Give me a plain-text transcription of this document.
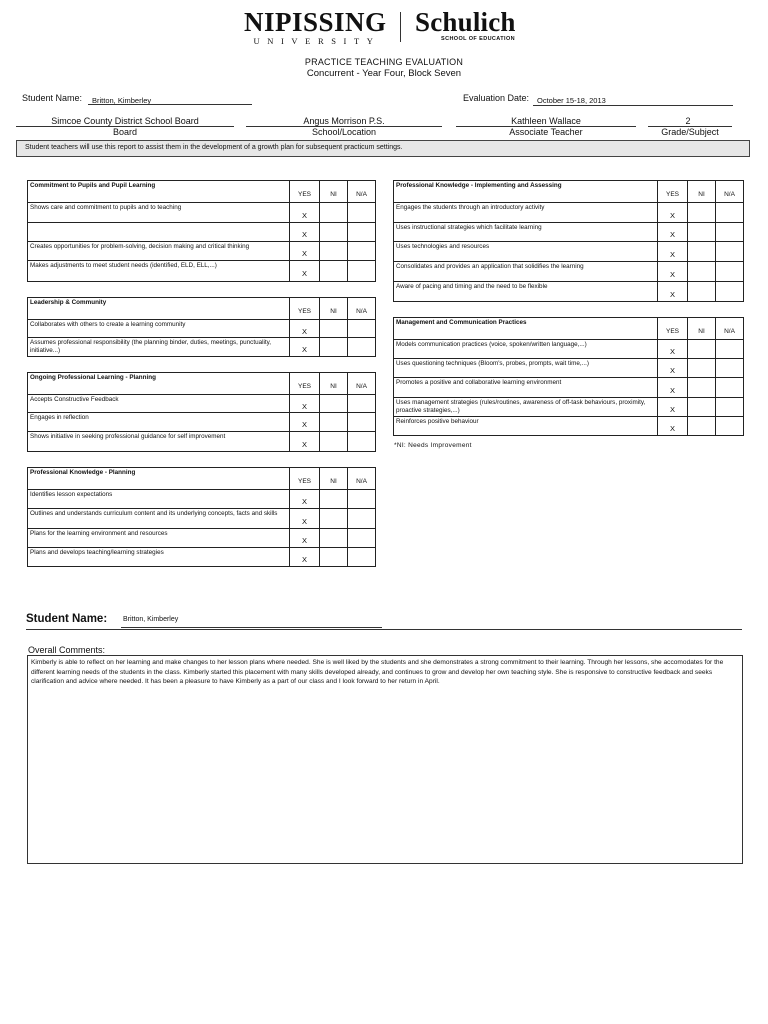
NIPISSING
UNIVERSITY
Schulich
SCHOOL OF EDUCATION
PRACTICE TEACHING EVALUATION
Concurrent - Year Four, Block Seven
Student Name: Britton, Kimberley	Evaluation Date: October 15-18, 2013
Simcoe County District School Board
Board
Angus Morrison P.S.
School/Location
Kathleen Wallace
Associate Teacher
2
Grade/Subject
Student teachers will use this report to assist them in the development of a growth plan for subsequent practicum settings.
Commitment to Pupils and Pupil Learning	YES	NI	N/A
Shows care and commitment to pupils and to teaching	X		
	X		
Creates opportunities for problem-solving, decision making and critical thinking	X		
Makes adjustments to meet student needs (identified, ELD, ELL,...)	X		
Leadership & Community	YES	NI	N/A
Collaborates with others to create a learning community	X		
Assumes professional responsibility (the planning binder, duties, meetings, punctuality, initiative...)	X		
Ongoing Professional Learning - Planning	YES	NI	N/A
Accepts Constructive Feedback	X		
Engages in reflection	X		
Shows initiative in seeking professional guidance for self improvement	X		
Professional Knowledge - Planning	YES	NI	N/A
Identifies lesson expectations	X		
Outlines and understands curriculum content and its underlying concepts, facts and skills	X		
Plans for the learning environment and resources	X		
Plans and develops teaching/learning strategies	X		
Professional Knowledge - Implementing and Assessing	YES	NI	N/A
Engages the students through an introductory activity	X		
Uses instructional strategies which facilitate learning	X		
Uses technologies and resources	X		
Consolidates and provides an application that solidifies the learning	X		
Aware of pacing and timing and the need to be flexible	X		
Management and Communication Practices	YES	NI	N/A
Models communication practices (voice, spoken/written language,...)	X		
Uses questioning techniques (Bloom's, probes, prompts, wait time,...)	X		
Promotes a positive and collaborative learning environment	X		
Uses management strategies (rules/routines, awareness of off-task behaviours, proximity, proactive strategies,...)	X		
Reinforces positive behaviour	X		
*NI: Needs Improvement
Student Name: Britton, Kimberley
Overall Comments:
Kimberly is able to reflect on her learning and make changes to her lesson plans where needed. She is well liked by the students and she demonstrates a strong commitment to their learning. Through her lessons, she accomodates for the different learning needs of the students in the class. Kimberly started this placement with many skills developed already, and continues to grow and develop her own teaching style. She is responsive to constructive feedback and seeks clarification and advice where needed. It has been a pleasure to have Kimberly as a part of our class and I look forward to her return in April.
